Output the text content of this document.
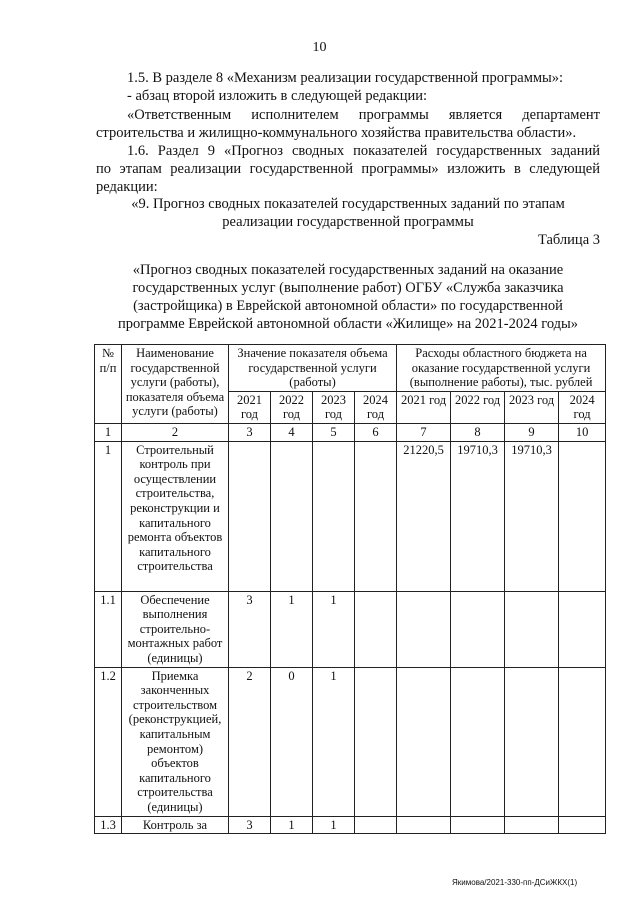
10
1.5. В разделе 8 «Механизм реализации государственной программы»:
- абзац второй изложить в следующей редакции:
«Ответственным исполнителем программы является департамент
строительства и жилищно-коммунального хозяйства правительства области».
1.6. Раздел 9 «Прогноз сводных показателей государственных заданий
по этапам реализации государственной программы» изложить в следующей
редакции:
«9. Прогноз сводных показателей государственных заданий по этапам
реализации государственной программы
Таблица 3
«Прогноз сводных показателей государственных заданий на оказание
государственных услуг (выполнение работ) ОГБУ «Служба заказчика
(застройщика) в Еврейской автономной области» по государственной
программе Еврейской автономной области «Жилище» на 2021-2024 годы»
№ п/п	Наименование государственной услуги (работы), показателя объема услуги (работы)	Значение показателя объема государственной услуги (работы)				Расходы областного бюджета на оказание государственной услуги (выполнение работы), тыс. рублей			
		2021 год	2022 год	2023 год	2024 год	2021 год	2022 год	2023 год	2024 год
1	2	3	4	5	6	7	8	9	10
1	Строительный контроль при осуществлении строительства, реконструкции и капитального ремонта объектов капитального строительства					21220,5	19710,3	19710,3	
1.1	Обеспечение выполнения строительно-монтажных работ (единицы)	3	1	1					
1.2	Приемка законченных строительством (реконструкцией, капитальным ремонтом) объектов капитального строительства (единицы)	2	0	1					
1.3	Контроль за	3	1	1					
Якимова/2021-330-пп-ДСиЖКХ(1)
